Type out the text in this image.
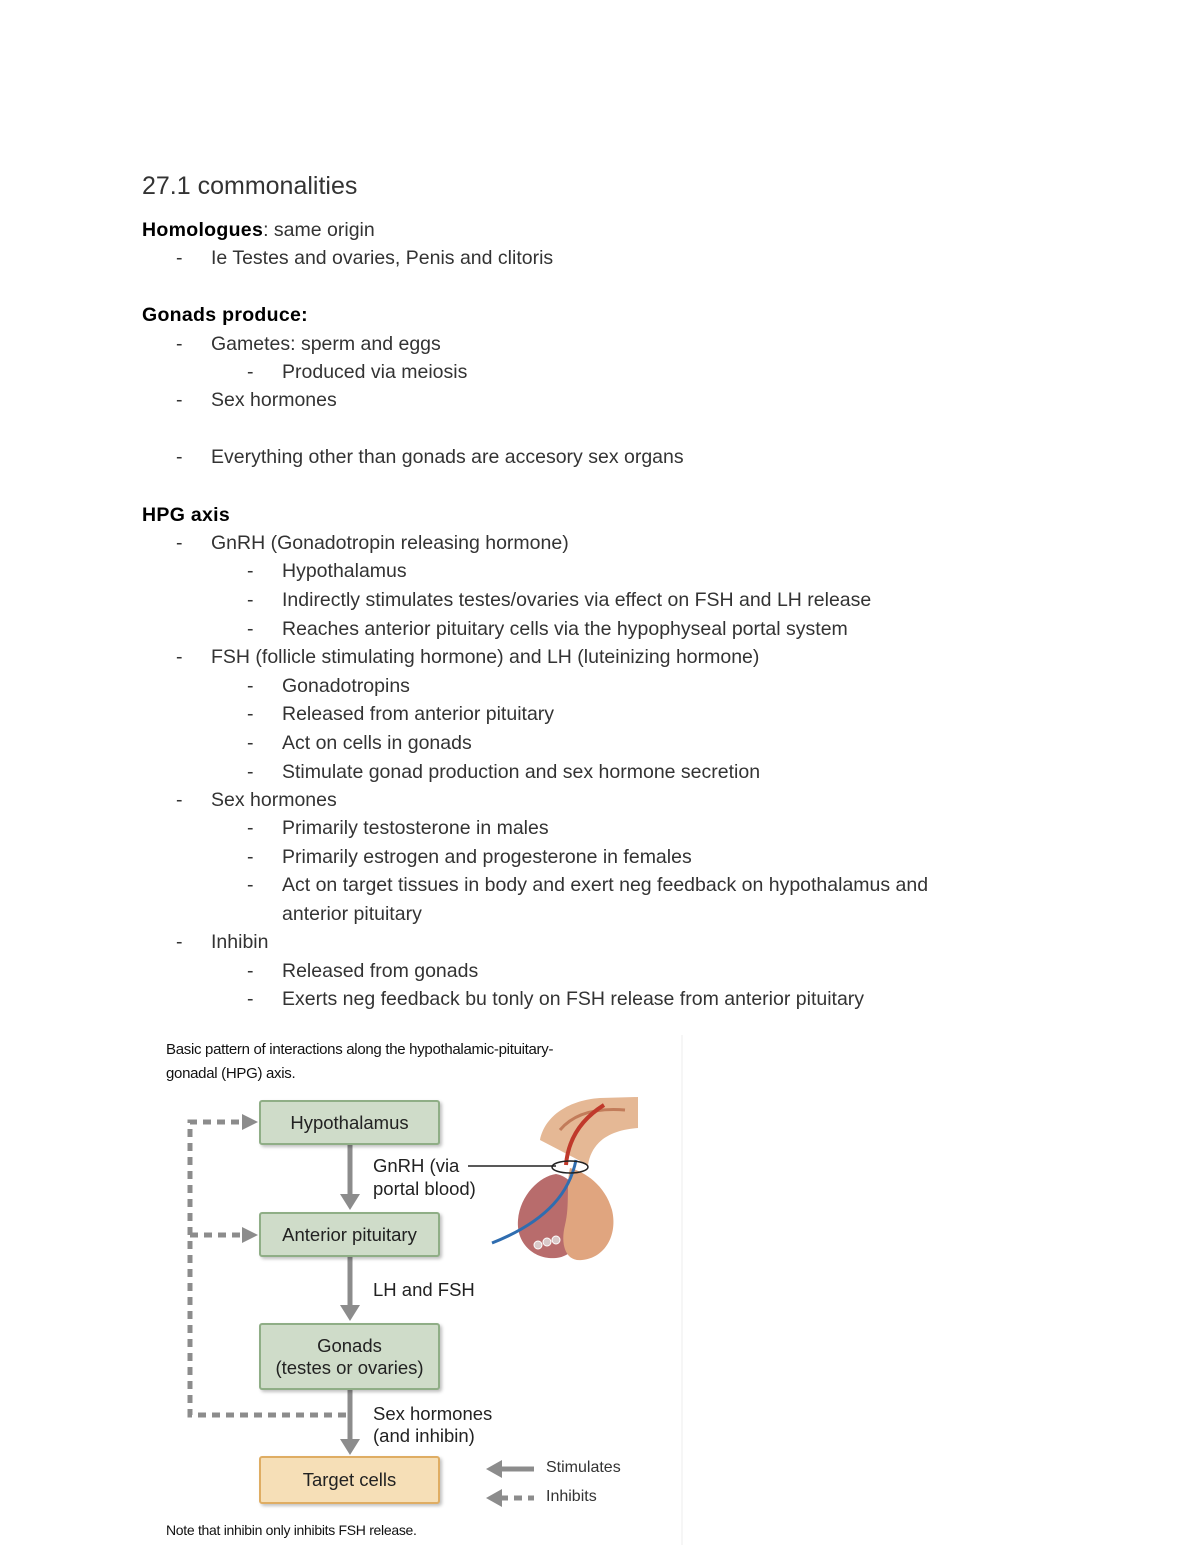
27.1 commonalities
Homologues: same origin
- Ie Testes and ovaries, Penis and clitoris
Gonads produce:
- Gametes: sperm and eggs
- Produced via meiosis
- Sex hormones
- Everything other than gonads are accesory sex organs
HPG axis
- GnRH (Gonadotropin releasing hormone)
- Hypothalamus
- Indirectly stimulates testes/ovaries via effect on FSH and LH release
- Reaches anterior pituitary cells via the hypophyseal portal system
- FSH (follicle stimulating hormone) and LH (luteinizing hormone)
- Gonadotropins
- Released from anterior pituitary
- Act on cells in gonads
- Stimulate gonad production and sex hormone secretion
- Sex hormones
- Primarily testosterone in males
- Primarily estrogen and progesterone in females
- Act on target tissues in body and exert neg feedback on hypothalamus and
anterior pituitary
- Inhibin
- Released from gonads
- Exerts neg feedback bu tonly on FSH release from anterior pituitary
Basic pattern of interactions along the hypothalamic-pituitary-
gonadal (HPG) axis.
Hypothalamus
Anterior pituitary
Gonads
(testes or ovaries)
Target cells
GnRH (via
portal blood)
LH and FSH
Sex hormones
(and inhibin)
Stimulates
Inhibits
Note that inhibin only inhibits FSH release.
